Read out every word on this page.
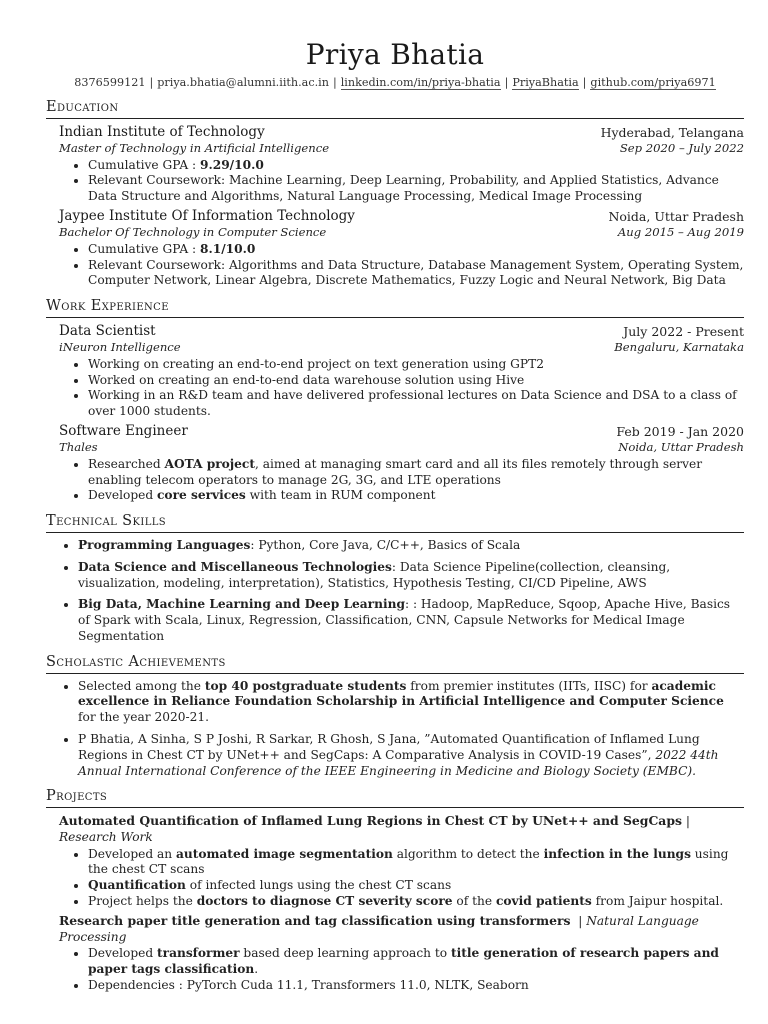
Priya Bhatia
8376599121 | priya.bhatia@alumni.iith.ac.in | linkedin.com/in/priya-bhatia | PriyaBhatia | github.com/priya6971
Education
Indian Institute of Technology	Hyderabad, Telangana
Master of Technology in Artificial Intelligence	Sep 2020 – July 2022
• Cumulative GPA : 9.29/10.0
• Relevant Coursework: Machine Learning, Deep Learning, Probability, and Applied Statistics, Advance Data Structure and Algorithms, Natural Language Processing, Medical Image Processing
Jaypee Institute Of Information Technology	Noida, Uttar Pradesh
Bachelor Of Technology in Computer Science	Aug 2015 – Aug 2019
• Cumulative GPA : 8.1/10.0
• Relevant Coursework: Algorithms and Data Structure, Database Management System, Operating System, Computer Network, Linear Algebra, Discrete Mathematics, Fuzzy Logic and Neural Network, Big Data
Work Experience
Data Scientist	July 2022 - Present
iNeuron Intelligence	Bengaluru, Karnataka
• Working on creating an end-to-end project on text generation using GPT2
• Worked on creating an end-to-end data warehouse solution using Hive
• Working in an R&D team and have delivered professional lectures on Data Science and DSA to a class of over 1000 students.
Software Engineer	Feb 2019 - Jan 2020
Thales	Noida, Uttar Pradesh
• Researched AOTA project, aimed at managing smart card and all its files remotely through server enabling telecom operators to manage 2G, 3G, and LTE operations
• Developed core services with team in RUM component
Technical Skills
• Programming Languages: Python, Core Java, C/C++, Basics of Scala
• Data Science and Miscellaneous Technologies: Data Science Pipeline(collection, cleansing, visualization, modeling, interpretation), Statistics, Hypothesis Testing, CI/CD Pipeline, AWS
• Big Data, Machine Learning and Deep Learning: : Hadoop, MapReduce, Sqoop, Apache Hive, Basics of Spark with Scala, Linux, Regression, Classification, CNN, Capsule Networks for Medical Image Segmentation
Scholastic Achievements
• Selected among the top 40 postgraduate students from premier institutes (IITs, IISC) for academic excellence in Reliance Foundation Scholarship in Artificial Intelligence and Computer Science for the year 2020-21.
• P Bhatia, A Sinha, S P Joshi, R Sarkar, R Ghosh, S Jana, ”Automated Quantification of Inflamed Lung Regions in Chest CT by UNet++ and SegCaps: A Comparative Analysis in COVID-19 Cases”, 2022 44th Annual International Conference of the IEEE Engineering in Medicine and Biology Society (EMBC).
Projects
Automated Quantification of Inflamed Lung Regions in Chest CT by UNet++ and SegCaps | Research Work
• Developed an automated image segmentation algorithm to detect the infection in the lungs using the chest CT scans
• Quantification of infected lungs using the chest CT scans
• Project helps the doctors to diagnose CT severity score of the covid patients from Jaipur hospital.
Research paper title generation and tag classification using transformers  | Natural Language Processing
• Developed transformer based deep learning approach to title generation of research papers and paper tags classification.
• Dependencies : PyTorch Cuda 11.1, Transformers 11.0, NLTK, Seaborn
